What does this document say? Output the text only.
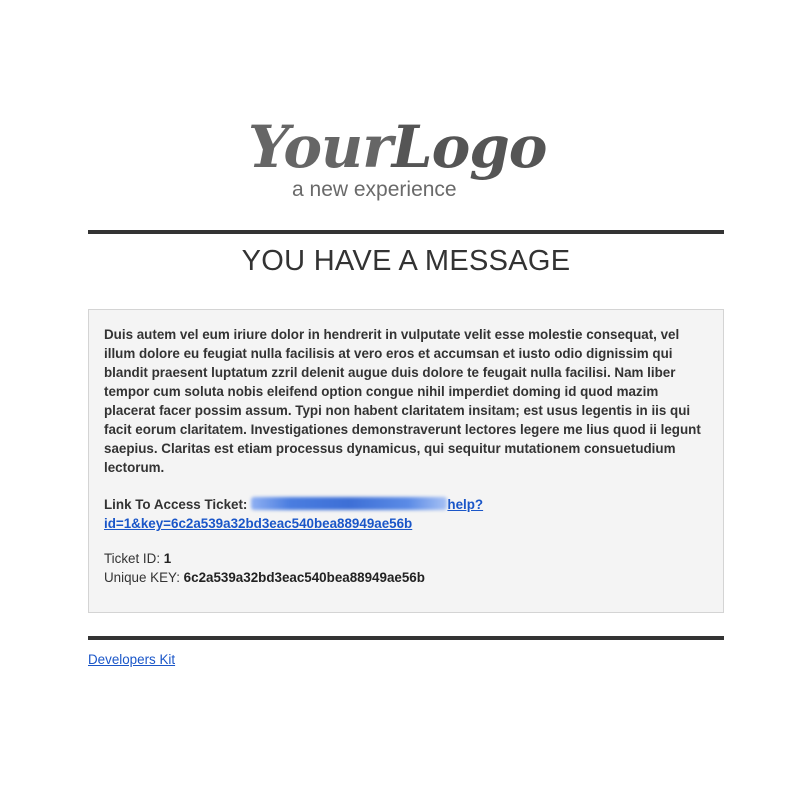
YourLogo
a new experience
YOU HAVE A MESSAGE

Duis autem vel eum iriure dolor in hendrerit in vulputate velit esse molestie consequat, vel illum dolore eu feugiat nulla facilisis at vero eros et accumsan et iusto odio dignissim qui blandit praesent luptatum zzril delenit augue duis dolore te feugait nulla facilisi. Nam liber tempor cum soluta nobis eleifend option congue nihil imperdiet doming id quod mazim placerat facer possim assum. Typi non habent claritatem insitam; est usus legentis in iis qui facit eorum claritatem. Investigationes demonstraverunt lectores legere me lius quod ii legunt saepius. Claritas est etiam processus dynamicus, qui sequitur mutationem consuetudium lectorum.

Link To Access Ticket:	help?id=1&key=6c2a539a32bd3eac540bea88949ae56b
Ticket ID: 1
Unique KEY: 6c2a539a32bd3eac540bea88949ae56b
Developers Kit
